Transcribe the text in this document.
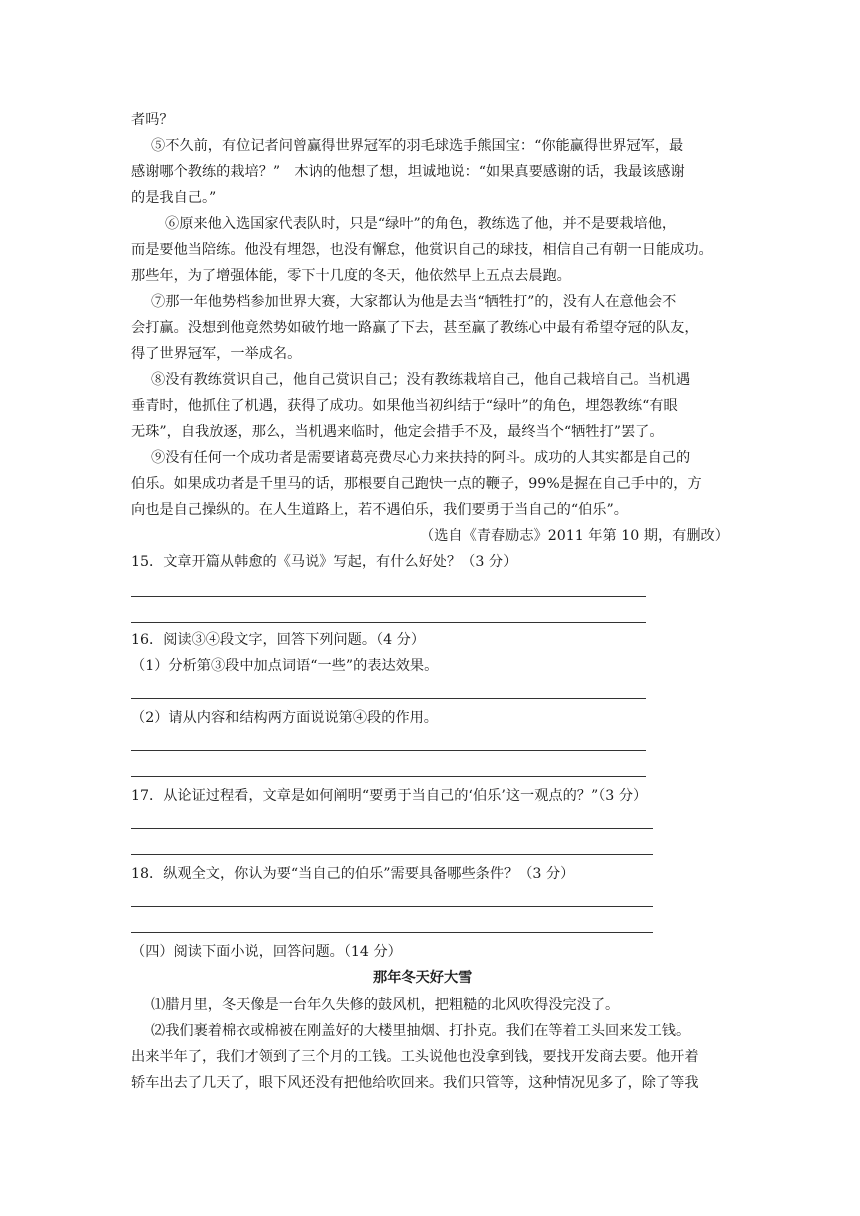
者吗？
⑤不久前，有位记者问曾赢得世界冠军的羽毛球选手熊国宝：“你能赢得世界冠军，最
感谢哪个教练的栽培？”　木讷的他想了想，坦诚地说：“如果真要感谢的话，我最该感谢
的是我自己。”
⑥原来他入选国家代表队时，只是“绿叶”的角色，教练选了他，并不是要栽培他，
而是要他当陪练。他没有埋怨，也没有懈怠，他赏识自己的球技，相信自己有朝一日能成功。
那些年，为了增强体能，零下十几度的冬天，他依然早上五点去晨跑。
⑦那一年他势档参加世界大赛，大家都认为他是去当“牺牲打”的，没有人在意他会不
会打赢。没想到他竟然势如破竹地一路赢了下去，甚至赢了教练心中最有希望夺冠的队友，
得了世界冠军，一举成名。
⑧没有教练赏识自己，他自己赏识自己；没有教练栽培自己，他自己栽培自己。当机遇
垂青时，他抓住了机遇，获得了成功。如果他当初纠结于“绿叶”的角色，埋怨教练“有眼
无珠”，自我放逐，那么，当机遇来临时，他定会措手不及，最终当个“牺牲打”罢了。
⑨没有任何一个成功者是需要诸葛亮费尽心力来扶持的阿斗。成功的人其实都是自己的
伯乐。如果成功者是千里马的话，那根要自己跑快一点的鞭子，99%是握在自己手中的，方
向也是自己操纵的。在人生道路上，若不遇伯乐，我们要勇于当自己的“伯乐”。
（选自《青春励志》2011 年第 10 期，有删改）
15．文章开篇从韩愈的《马说》写起，有什么好处？（3 分）
16．阅读③④段文字，回答下列问题。（4 分）
（1）分析第③段中加点词语“一些”的表达效果。
（2）请从内容和结构两方面说说第④段的作用。
17．从论证过程看，文章是如何阐明“要勇于当自己的‘伯乐’这一观点的？”（3 分）
18．纵观全文，你认为要“当自己的伯乐”需要具备哪些条件？（3 分）
（四）阅读下面小说，回答问题。（14 分）
那年冬天好大雪
⑴腊月里，冬天像是一台年久失修的鼓风机，把粗糙的北风吹得没完没了。
⑵我们裹着棉衣或棉被在刚盖好的大楼里抽烟、打扑克。我们在等着工头回来发工钱。
出来半年了，我们才领到了三个月的工钱。工头说他也没拿到钱，要找开发商去要。他开着
轿车出去了几天了，眼下风还没有把他给吹回来。我们只管等，这种情况见多了，除了等我
